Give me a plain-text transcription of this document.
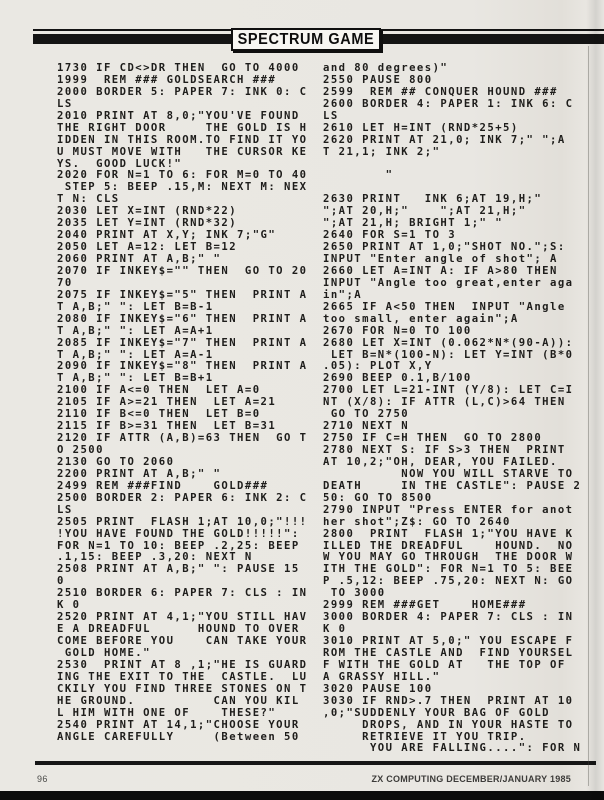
SPECTRUM GAME
1730 IF CD<>DR THEN  GO TO 4000
1999  REM ### GOLDSEARCH ###
2000 BORDER 5: PAPER 7: INK 0: C
LS
2010 PRINT AT 8,0;"YOU'VE FOUND
THE RIGHT DOOR     THE GOLD IS H
IDDEN IN THIS ROOM.TO FIND IT YO
U MUST MOVE WITH   THE CURSOR KE
YS.  GOOD LUCK!"
2020 FOR N=1 TO 6: FOR M=0 TO 40
STEP 5: BEEP .15,M: NEXT M: NEX
T N: CLS
2030 LET X=INT (RND*22)
2035 LET Y=INT (RND*32)
2040 PRINT AT X,Y; INK 7;"G"
2050 LET A=12: LET B=12
2060 PRINT AT A,B;" "
2070 IF INKEY$="" THEN  GO TO 20
70
2075 IF INKEY$="5" THEN  PRINT A
T A,B;" ": LET B=B-1
2080 IF INKEY$="6" THEN  PRINT A
T A,B;" ": LET A=A+1
2085 IF INKEY$="7" THEN  PRINT A
T A,B;" ": LET A=A-1
2090 IF INKEY$="8" THEN  PRINT A
T A,B;" ": LET B=B+1
2100 IF A<=0 THEN  LET A=0
2105 IF A>=21 THEN  LET A=21
2110 IF B<=0 THEN  LET B=0
2115 IF B>=31 THEN  LET B=31
2120 IF ATTR (A,B)=63 THEN  GO T
O 2500
2130 GO TO 2060
2200 PRINT AT A,B;" "
2499 REM ###FIND    GOLD###
2500 BORDER 2: PAPER 6: INK 2: C
LS
2505 PRINT  FLASH 1;AT 10,0;"!!!
!YOU HAVE FOUND THE GOLD!!!!!":
FOR N=1 TO 10: BEEP .2,25: BEEP
.1,15: BEEP .3,20: NEXT N
2508 PRINT AT A,B;" ": PAUSE 15
0
2510 BORDER 6: PAPER 7: CLS : IN
K 0
2520 PRINT AT 4,1;"YOU STILL HAV
E A DREADFUL      HOUND TO OVER
COME BEFORE YOU    CAN TAKE YOUR
GOLD HOME."
2530  PRINT AT 8 ,1;"HE IS GUARD
ING THE EXIT TO THE  CASTLE.  LU
CKILY YOU FIND THREE STONES ON T
HE GROUND.          CAN YOU KIL
L HIM WITH ONE OF    THESE?"
2540 PRINT AT 14,1;"CHOOSE YOUR
ANGLE CAREFULLY     (Between 50
and 80 degrees)"
2550 PAUSE 800
2599  REM ## CONQUER HOUND ###
2600 BORDER 4: PAPER 1: INK 6: C
LS
2610 LET H=INT (RND*25+5)
2620 PRINT AT 21,0; INK 7;" ";A
T 21,1; INK 2;"

"

2630 PRINT   INK 6;AT 19,H;"
";AT 20,H;"    ";AT 21,H;"
";AT 21,H; BRIGHT 1;" "
2640 FOR S=1 TO 3
2650 PRINT AT 1,0;"SHOT NO.";S:
INPUT "Enter angle of shot"; A
2660 LET A=INT A: IF A>80 THEN
INPUT "Angle too great,enter aga
in";A
2665 IF A<50 THEN  INPUT "Angle
too small, enter again";A
2670 FOR N=0 TO 100
2680 LET X=INT (0.062*N*(90-A)):
LET B=N*(100-N): LET Y=INT (B*0
.05): PLOT X,Y
2690 BEEP 0.1,B/100
2700 LET L=21-INT (Y/8): LET C=I
NT (X/8): IF ATTR (L,C)>64 THEN
GO TO 2750
2710 NEXT N
2750 IF C=H THEN  GO TO 2800
2780 NEXT S: IF S>3 THEN  PRINT
AT 10,2;"OH, DEAR, YOU FAILED.
NOW YOU WILL STARVE TO
DEATH     IN THE CASTLE": PAUSE 2
50: GO TO 8500
2790 INPUT "Press ENTER for anot
her shot";Z$: GO TO 2640
2800  PRINT  FLASH 1;"YOU HAVE K
ILLED THE DREADFUL    HOUND.  NO
W YOU MAY GO THROUGH  THE DOOR W
ITH THE GOLD": FOR N=1 TO 5: BEE
P .5,12: BEEP .75,20: NEXT N: GO
TO 3000
2999 REM ###GET    HOME###
3000 BORDER 4: PAPER 7: CLS : IN
K 0
3010 PRINT AT 5,0;" YOU ESCAPE F
ROM THE CASTLE AND  FIND YOURSEL
F WITH THE GOLD AT   THE TOP OF
A GRASSY HILL."
3020 PAUSE 100
3030 IF RND>.7 THEN  PRINT AT 10
,0;"SUDDENLY YOUR BAG OF GOLD
DROPS, AND IN YOUR HASTE TO
RETRIEVE IT YOU TRIP.
YOU ARE FALLING....": FOR N
96	ZX COMPUTING DECEMBER/JANUARY 1985
